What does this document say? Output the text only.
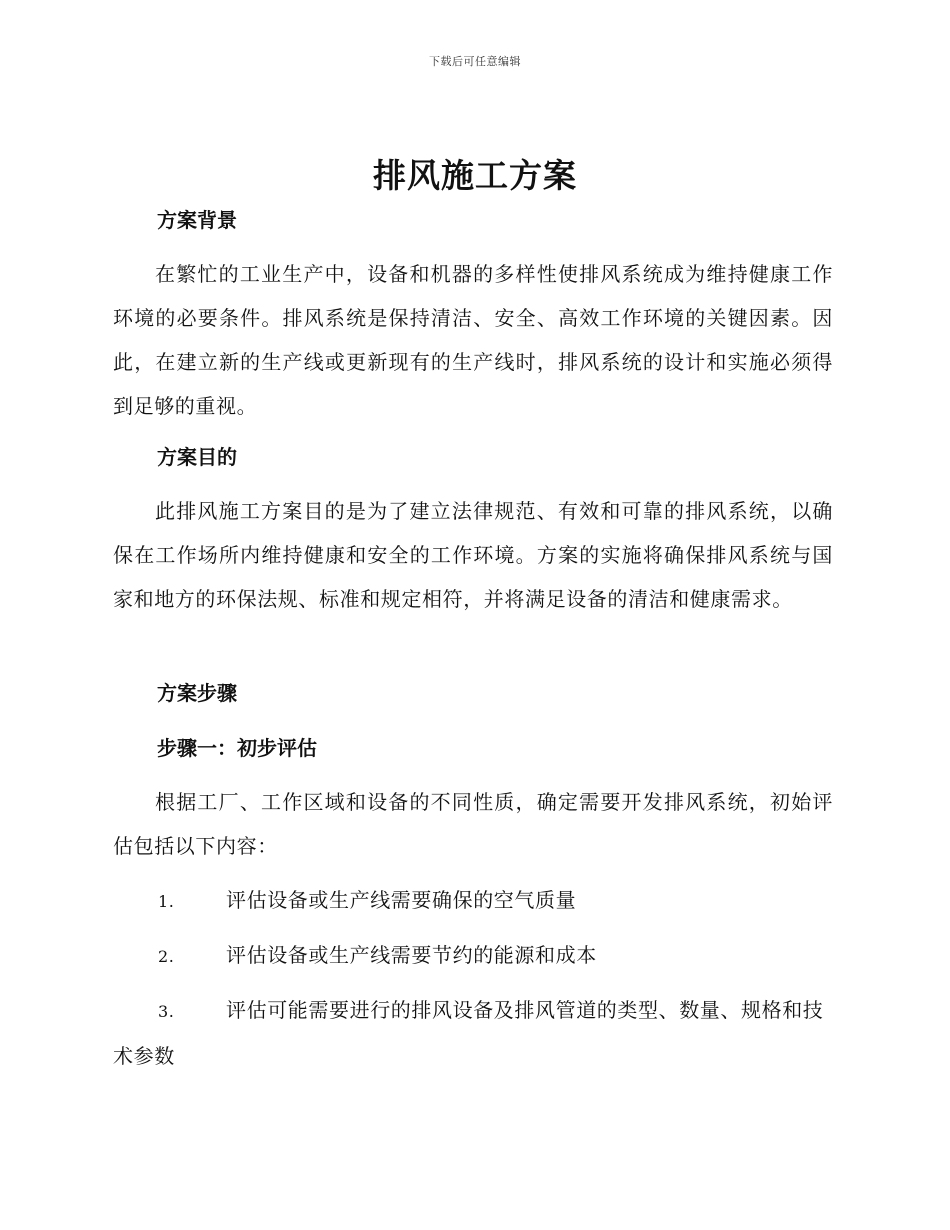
下载后可任意编辑
排风施工方案
方案背景

在繁忙的工业生产中，设备和机器的多样性使排风系统成为维持健康工作环境的必要条件。排风系统是保持清洁、安全、高效工作环境的关键因素。因此，在建立新的生产线或更新现有的生产线时，排风系统的设计和实施必须得到足够的重视。

方案目的

此排风施工方案目的是为了建立法律规范、有效和可靠的排风系统，以确保在工作场所内维持健康和安全的工作环境。方案的实施将确保排风系统与国家和地方的环保法规、标准和规定相符，并将满足设备的清洁和健康需求。

方案步骤
步骤一：初步评估

根据工厂、工作区域和设备的不同性质，确定需要开发排风系统，初始评估包括以下内容：

1.	评估设备或生产线需要确保的空气质量

2.	评估设备或生产线需要节约的能源和成本

3.	评估可能需要进行的排风设备及排风管道的类型、数量、规格和技术参数
